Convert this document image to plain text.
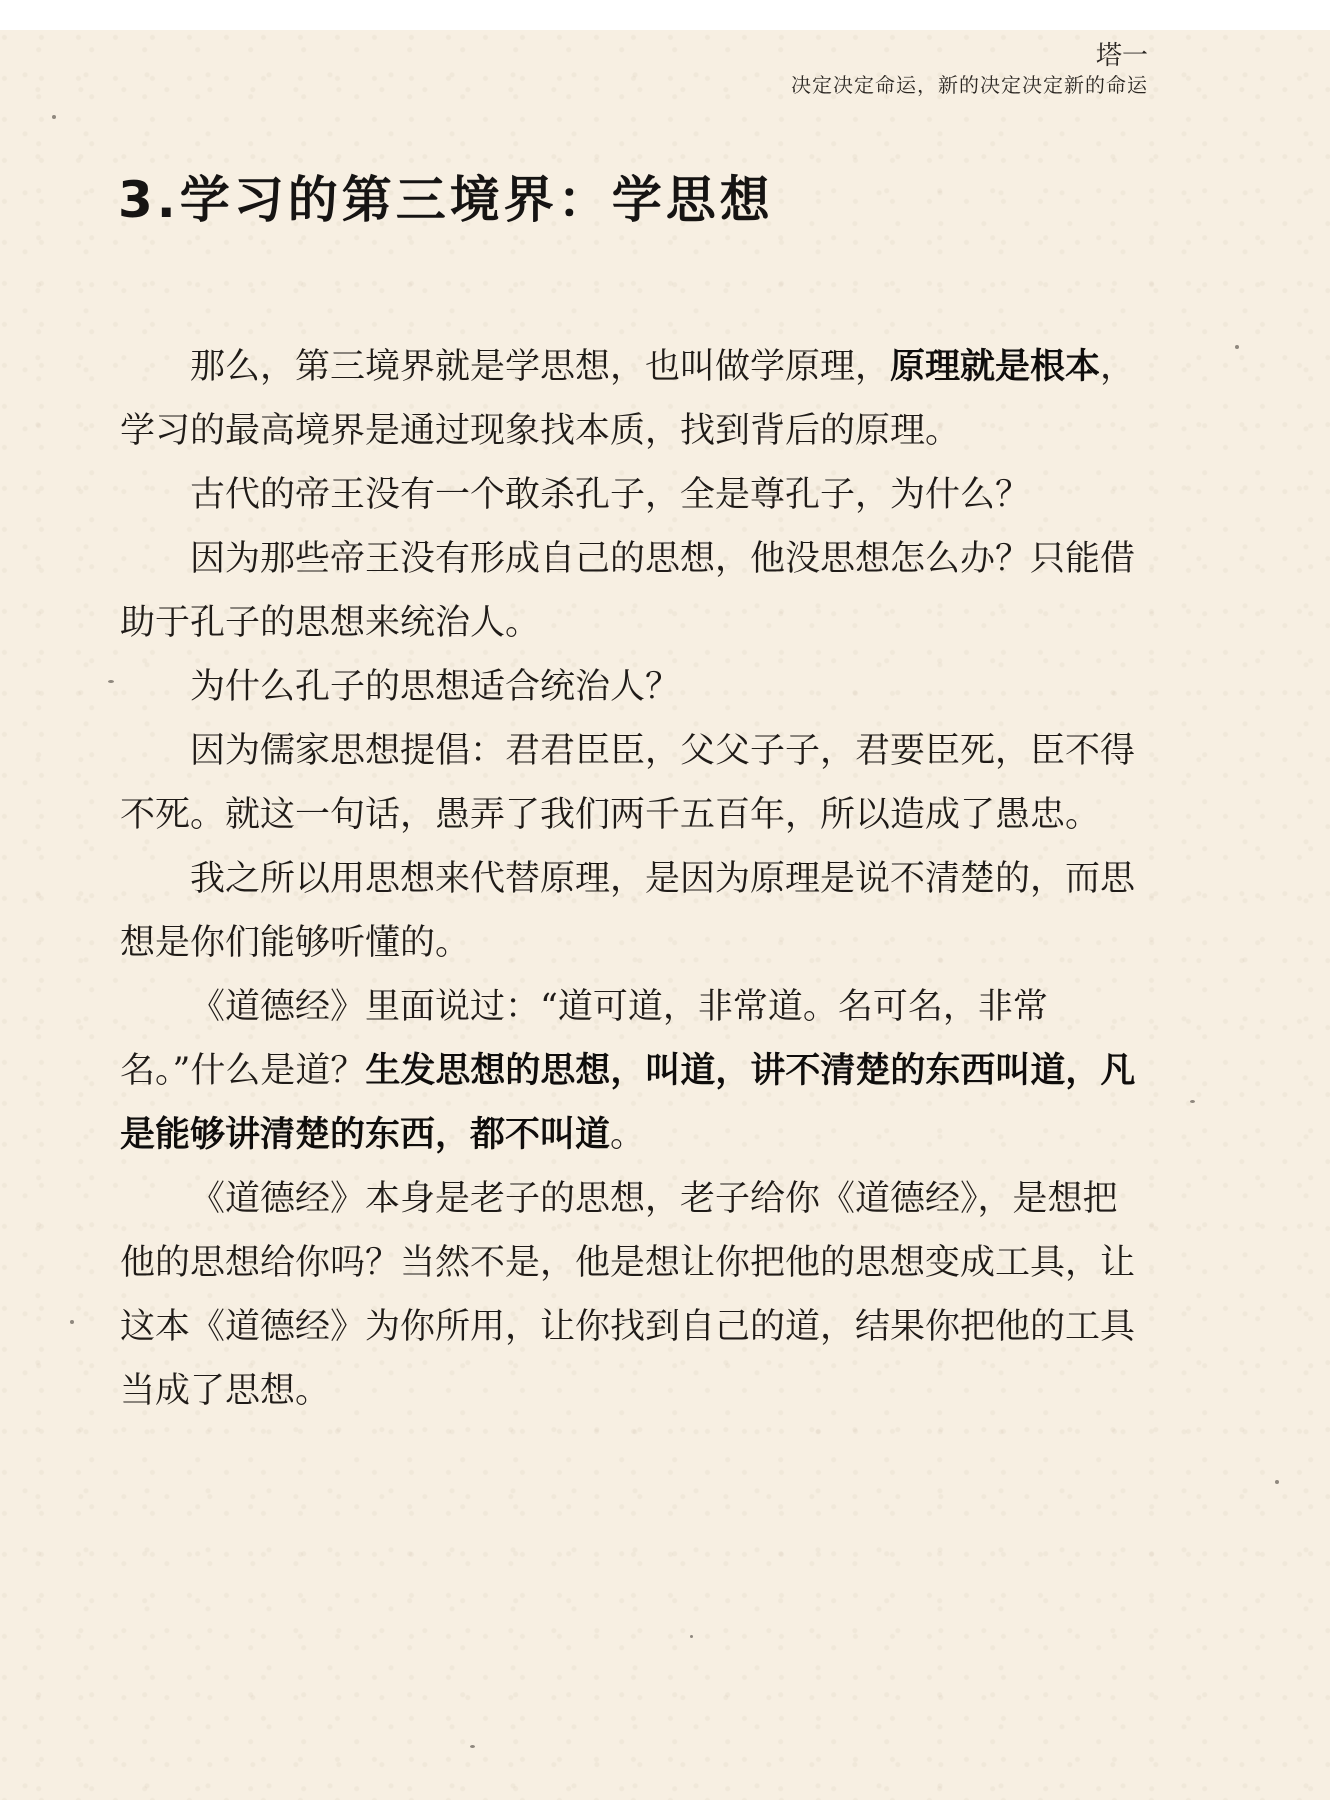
塔一
决定决定命运，新的决定决定新的命运
3.学习的第三境界：学思想

那么，第三境界就是学思想，也叫做学原理，原理就是根本，学习的最高境界是通过现象找本质，找到背后的原理。

古代的帝王没有一个敢杀孔子，全是尊孔子，为什么？

因为那些帝王没有形成自己的思想，他没思想怎么办？只能借助于孔子的思想来统治人。

为什么孔子的思想适合统治人？

因为儒家思想提倡：君君臣臣，父父子子，君要臣死，臣不得不死。就这一句话，愚弄了我们两千五百年，所以造成了愚忠。

我之所以用思想来代替原理，是因为原理是说不清楚的，而思想是你们能够听懂的。

《道德经》里面说过：“道可道，非常道。名可名，非常名。”什么是道？生发思想的思想，叫道，讲不清楚的东西叫道，凡是能够讲清楚的东西，都不叫道。

《道德经》本身是老子的思想，老子给你《道德经》，是想把他的思想给你吗？当然不是，他是想让你把他的思想变成工具，让这本《道德经》为你所用，让你找到自己的道，结果你把他的工具当成了思想。
